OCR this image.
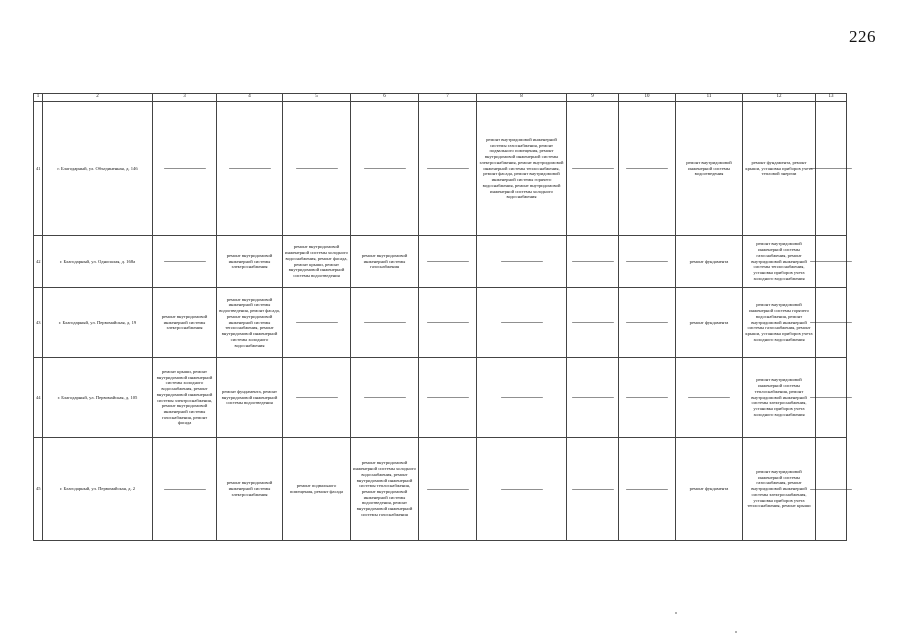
226
1	2	3	4	5	6	7	8	9	10	11	12	13
41	г. Благодарный, ул. Объединенная, д. 146	——	——	——	——	——	ремонт внутридомовой инженерной системы газоснабжения, ремонт подвального помещения, ремонт внутридомовой инженерной системы электроснабжения, ремонт внутридомовой инженерной системы теплоснабжения, ремонт фасада, ремонт внутридомовой инженерной системы горячего водоснабжения, ремонт внутридомовой инженерной системы холодного водоснабжения	——	——	ремонт внутридомовой инженерной системы водоотведения	ремонт фундамента, ремонт крыши, установка приборов учета тепловой энергии	——
42	г. Благодарный, ул. Однопалая, д. 168а	——	ремонт внутридомовой инженерной системы электроснабжения	ремонт внутридомовой инженерной системы холодного водоснабжения, ремонт фасада, ремонт крыши, ремонт внутридомовой инженерной системы водоотведения	ремонт внутридомовой инженерной системы газоснабжения	——	——	——	——	ремонт фундамента	ремонт внутридомовой инженерной системы газоснабжения, ремонт внутридомовой инженерной системы теплоснабжения, установка приборов учета холодного водоснабжения	——
43	г. Благодарный, ул. Первомайская, д. 19	ремонт внутридомовой инженерной системы электроснабжения	ремонт внутридомовой инженерной системы водоотведения, ремонт фасада, ремонт внутридомовой инженерной системы теплоснабжения, ремонт внутридомовой инженерной системы холодного водоснабжения	——	——	——	——	——	——	ремонт фундамента	ремонт внутридомовой инженерной системы горячего водоснабжения, ремонт внутридомовой инженерной системы газоснабжения, ремонт крыши, установка приборов учета холодного водоснабжения	——
44	г. Благодарный, ул. Первомайская, д. 105	ремонт крыши, ремонт внутридомовой инженерной системы холодного водоснабжения, ремонт внутридомовой инженерной системы электроснабжения, ремонт внутридомовой инженерной системы газоснабжения, ремонт фасада	ремонт фундамента, ремонт внутридомовой инженерной системы водоотведения	——	——	——	——	——	——	——	ремонт внутридомовой инженерной системы теплоснабжения, ремонт внутридомовой инженерной системы электроснабжения, установка приборов учета холодного водоснабжения	——
45	г. Благодарный, ул. Первомайская, д. 2	——	ремонт внутридомовой инженерной системы электроснабжения	ремонт подвального помещения, ремонт фасада	ремонт внутридомовой инженерной системы холодного водоснабжения, ремонт внутридомовой инженерной системы теплоснабжения, ремонт внутридомовой инженерной системы водоотведения, ремонт внутридомовой инженерной системы газоснабжения	——	——	——	——	ремонт фундамента	ремонт внутридомовой инженерной системы газоснабжения, ремонт внутридомовой инженерной системы электроснабжения, установка приборов учета теплоснабжения, ремонт крыши	——
